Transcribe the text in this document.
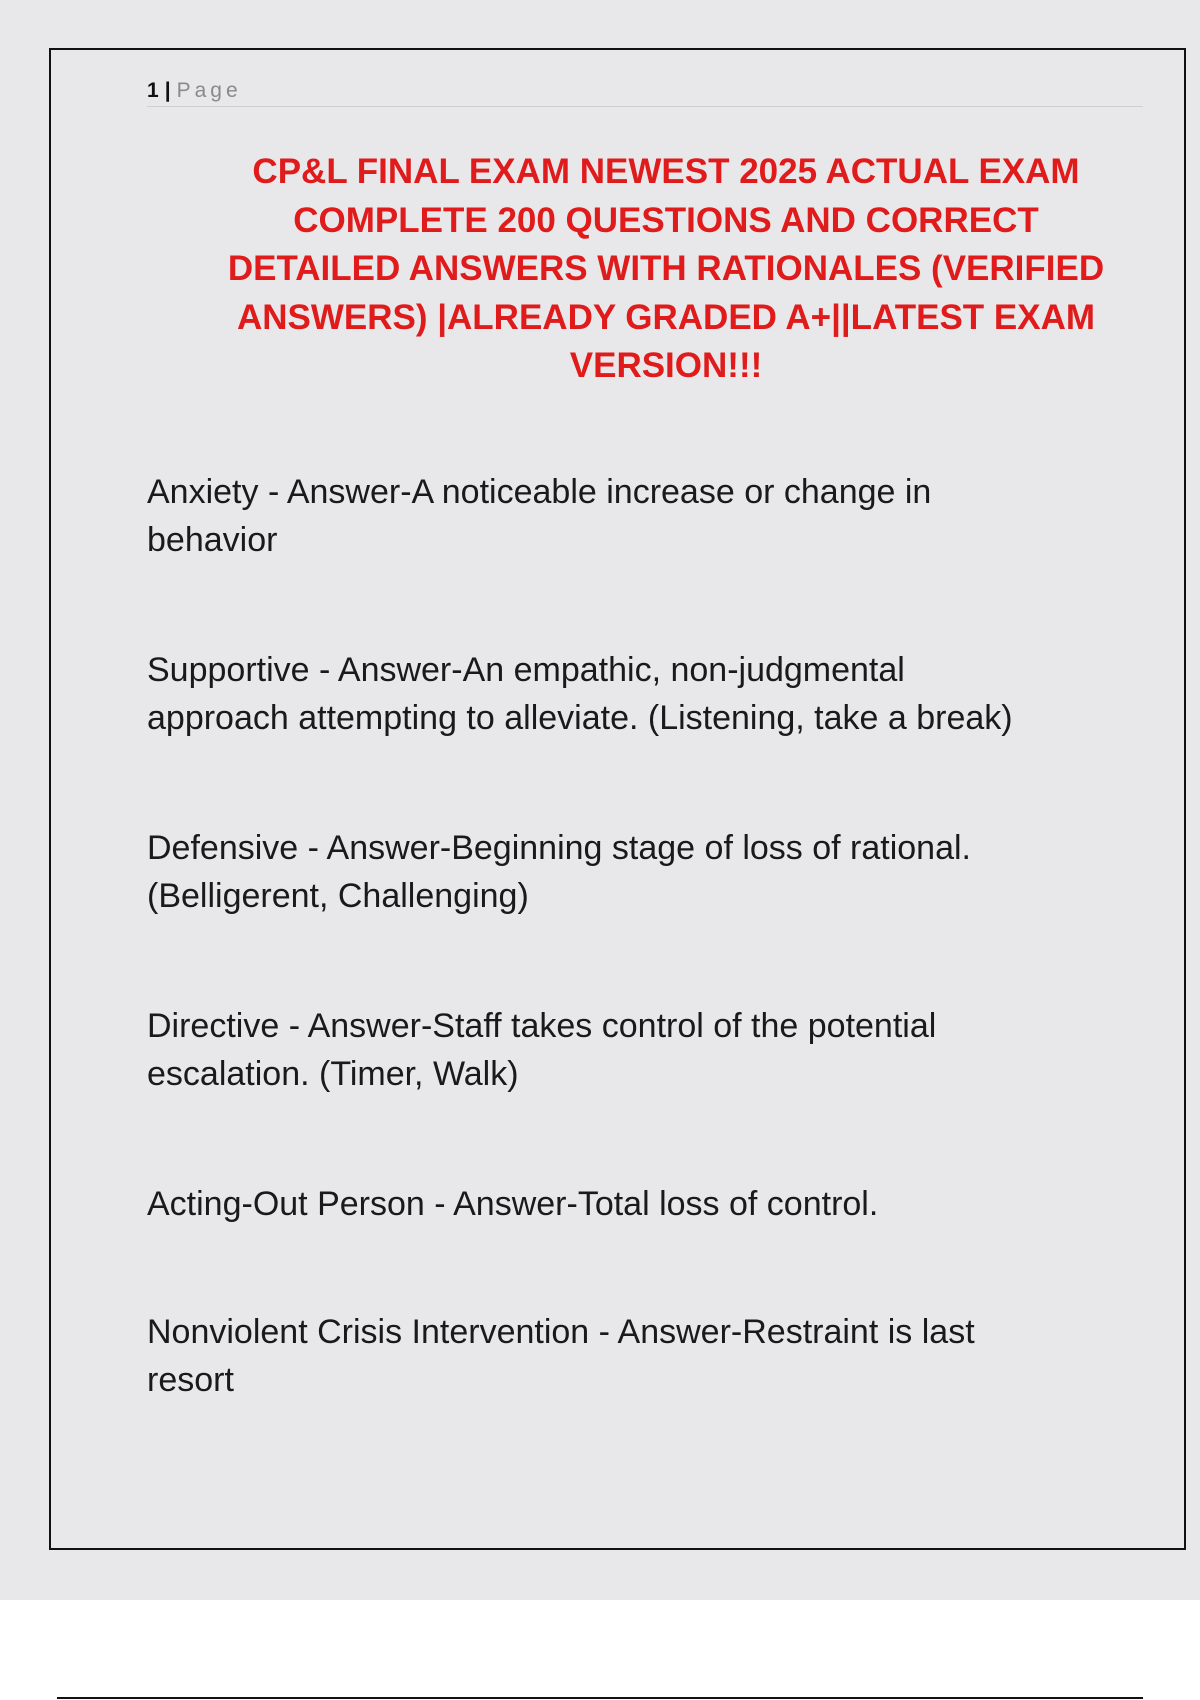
1 | Page
CP&L FINAL EXAM NEWEST 2025 ACTUAL EXAM
COMPLETE 200 QUESTIONS AND CORRECT
DETAILED ANSWERS WITH RATIONALES (VERIFIED
ANSWERS) |ALREADY GRADED A+||LATEST EXAM
VERSION!!!

Anxiety - Answer-A noticeable increase or change in
behavior

Supportive - Answer-An empathic, non-judgmental
approach attempting to alleviate. (Listening, take a break)

Defensive - Answer-Beginning stage of loss of rational.
(Belligerent, Challenging)

Directive - Answer-Staff takes control of the potential
escalation. (Timer, Walk)

Acting-Out Person - Answer-Total loss of control.

Nonviolent Crisis Intervention - Answer-Restraint is last
resort
